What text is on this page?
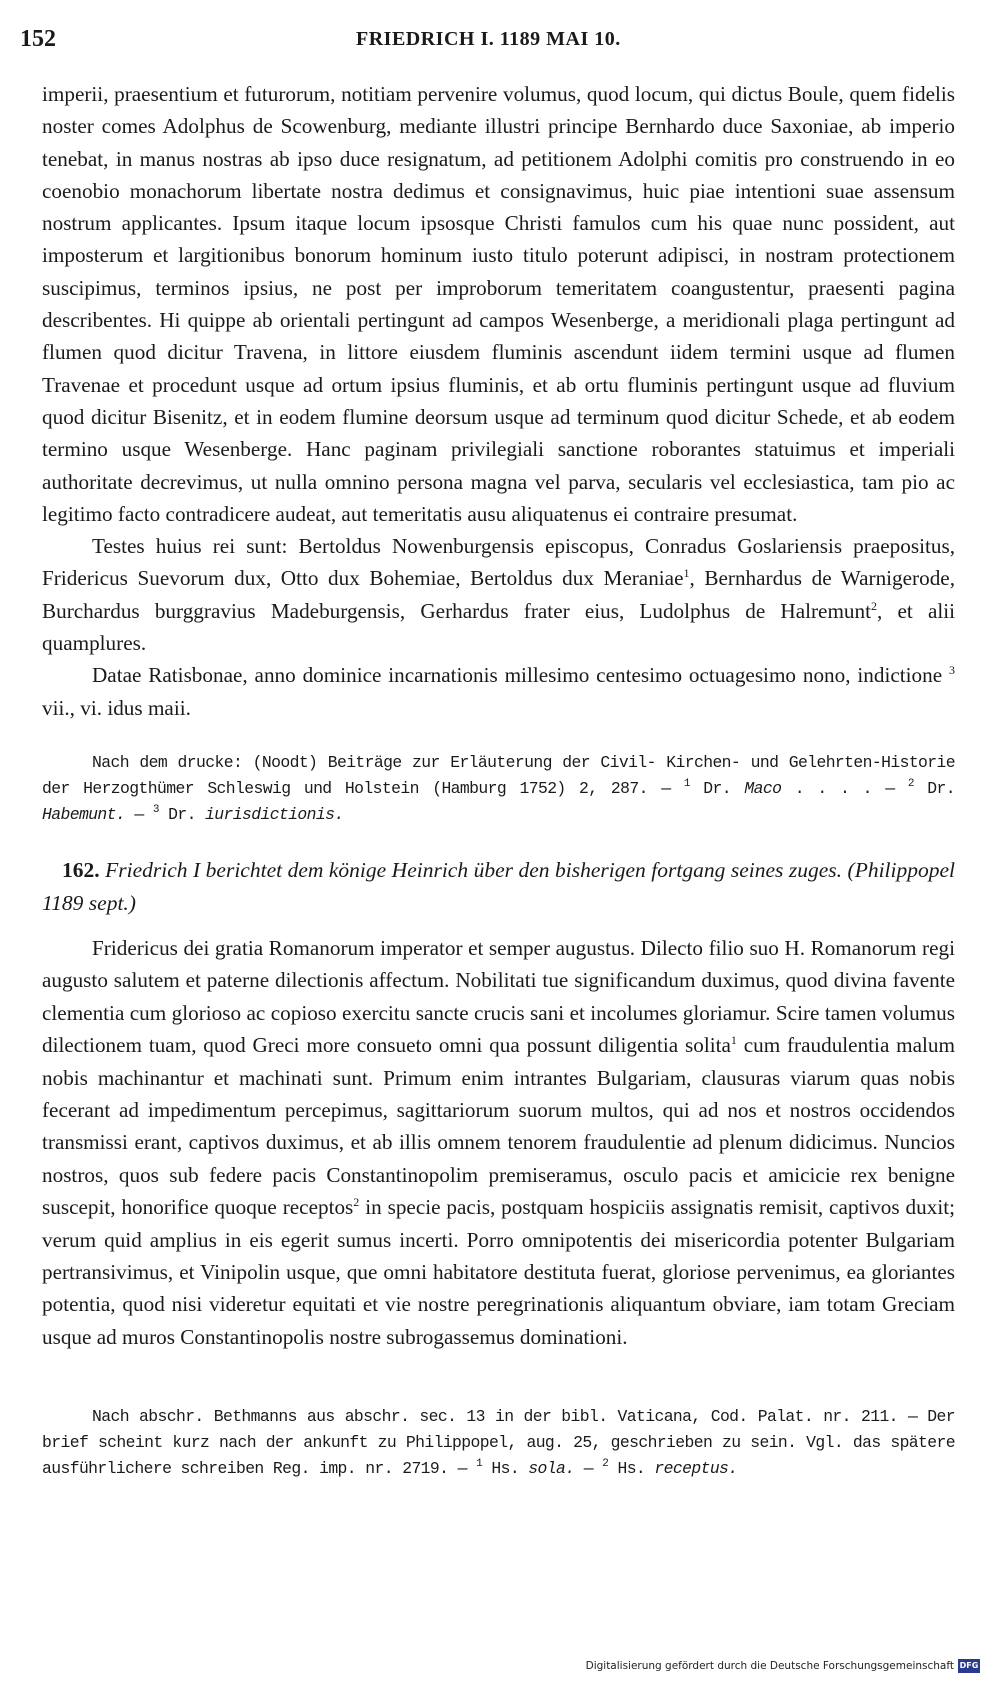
152	FRIEDRICH I. 1189 MAI 10.

imperii, praesentium et futurorum, notitiam pervenire volumus, quod locum, qui dictus Boule, quem fidelis noster comes Adolphus de Scowenburg, mediante illustri principe Bernhardo duce Saxoniae, ab imperio tenebat, in manus nostras ab ipso duce resignatum, ad petitionem Adolphi comitis pro construendo in eo coenobio monachorum libertate nostra dedimus et consignavimus, huic piae intentioni suae assensum nostrum applicantes. Ipsum itaque locum ipsosque Christi famulos cum his quae nunc possident, aut imposterum et largitionibus bonorum hominum iusto titulo poterunt adipisci, in nostram protectionem suscipimus, terminos ipsius, ne post per improborum temeritatem coangustentur, praesenti pagina describentes. Hi quippe ab orientali pertingunt ad campos Wesenberge, a meridionali plaga pertingunt ad flumen quod dicitur Travena, in littore eiusdem fluminis ascendunt iidem termini usque ad flumen Travenae et procedunt usque ad ortum ipsius fluminis, et ab ortu fluminis pertingunt usque ad fluvium quod dicitur Bisenitz, et in eodem flumine deorsum usque ad terminum quod dicitur Schede, et ab eodem termino usque Wesenberge. Hanc paginam privilegiali sanctione roborantes statuimus et imperiali authoritate decrevimus, ut nulla omnino persona magna vel parva, secularis vel ecclesiastica, tam pio ac legitimo facto contradicere audeat, aut temeritatis ausu aliquatenus ei contraire presumat.

Testes huius rei sunt: Bertoldus Nowenburgensis episcopus, Conradus Goslariensis praepositus, Fridericus Suevorum dux, Otto dux Bohemiae, Bertoldus dux Meraniae$^1$, Bernhardus de Warnigerode, Burchardus burggravius Madeburgensis, Gerhardus frater eius, Ludolphus de Halremunt$^2$, et alii quamplures.

Datae Ratisbonae, anno dominice incarnationis millesimo centesimo octuagesimo nono, indictione $^3$ vii., vi. idus maii.

Nach dem drucke: (Noodt) Beiträge zur Erläuterung der Civil- Kirchen- und Gelehrten-Historie der Herzogthümer Schleswig und Holstein (Hamburg 1752) 2, 287. — $^1$ Dr. Maco . . . . — $^2$ Dr. Habemunt. — $^3$ Dr. iurisdictionis.

162. Friedrich I berichtet dem könige Heinrich über den bisherigen fortgang seines zuges. (Philippopel 1189 sept.)

Fridericus dei gratia Romanorum imperator et semper augustus. Dilecto filio suo H. Romanorum regi augusto salutem et paterne dilectionis affectum. Nobilitati tue significandum duximus, quod divina favente clementia cum glorioso ac copioso exercitu sancte crucis sani et incolumes gloriamur. Scire tamen volumus dilectionem tuam, quod Greci more consueto omni qua possunt diligentia solita$^1$ cum fraudulentia malum nobis machinantur et machinati sunt. Primum enim intrantes Bulgariam, clausuras viarum quas nobis fecerant ad impedimentum percepimus, sagittariorum suorum multos, qui ad nos et nostros occidendos transmissi erant, captivos duximus, et ab illis omnem tenorem fraudulentie ad plenum didicimus. Nuncios nostros, quos sub federe pacis Constantinopolim premiseramus, osculo pacis et amicicie rex benigne suscepit, honorifice quoque receptos$^2$ in specie pacis, postquam hospiciis assignatis remisit, captivos duxit; verum quid amplius in eis egerit sumus incerti. Porro omnipotentis dei misericordia potenter Bulgariam pertransivimus, et Vinipolin usque, que omni habitatore destituta fuerat, gloriose pervenimus, ea gloriantes potentia, quod nisi videretur equitati et vie nostre peregrinationis aliquantum obviare, iam totam Greciam usque ad muros Constantinopolis nostre subrogassemus dominationi.

Nach abschr. Bethmanns aus abschr. sec. 13 in der bibl. Vaticana, Cod. Palat. nr. 211. — Der brief scheint kurz nach der ankunft zu Philippopel, aug. 25, geschrieben zu sein. Vgl. das spätere ausführlichere schreiben Reg. imp. nr. 2719. — $^1$ Hs. sola. — $^2$ Hs. receptus.

Digitalisierung gefördert durch die Deutsche Forschungsgemeinschaft DFG
